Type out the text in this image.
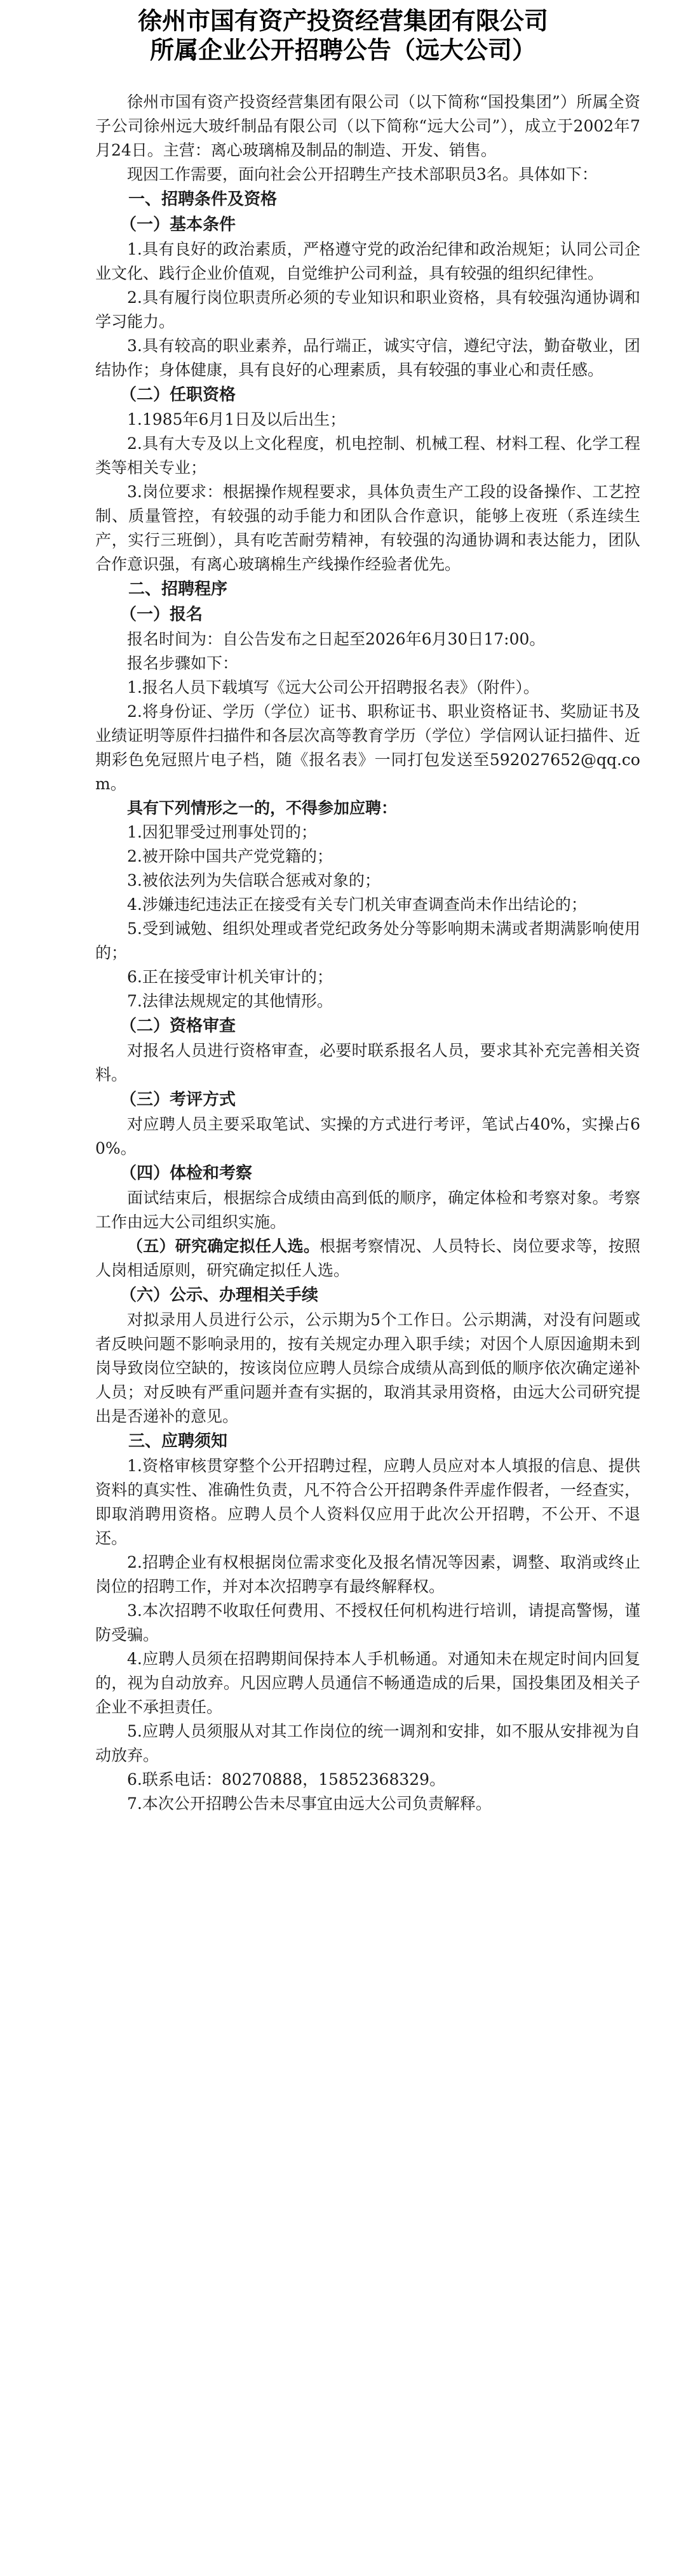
徐州市国有资产投资经营集团有限公司
所属企业公开招聘公告（远大公司）

徐州市国有资产投资经营集团有限公司（以下简称“国投集团”）所属全资子公司徐州远大玻纤制品有限公司（以下简称“远大公司”），成立于2002年7月24日。主营：离心玻璃棉及制品的制造、开发、销售。

现因工作需要，面向社会公开招聘生产技术部职员3名。具体如下：

一、招聘条件及资格

（一）基本条件

1.具有良好的政治素质，严格遵守党的政治纪律和政治规矩；认同公司企业文化、践行企业价值观，自觉维护公司利益，具有较强的组织纪律性。

2.具有履行岗位职责所必须的专业知识和职业资格，具有较强沟通协调和学习能力。

3.具有较高的职业素养，品行端正，诚实守信，遵纪守法，勤奋敬业，团结协作；身体健康，具有良好的心理素质，具有较强的事业心和责任感。

（二）任职资格

1.1985年6月1日及以后出生；

2.具有大专及以上文化程度，机电控制、机械工程、材料工程、化学工程类等相关专业；

3.岗位要求：根据操作规程要求，具体负责生产工段的设备操作、工艺控制、质量管控，有较强的动手能力和团队合作意识，能够上夜班（系连续生产，实行三班倒），具有吃苦耐劳精神，有较强的沟通协调和表达能力，团队合作意识强，有离心玻璃棉生产线操作经验者优先。

二、招聘程序

（一）报名

报名时间为：自公告发布之日起至2026年6月30日17:00。

报名步骤如下：

1.报名人员下载填写《远大公司公开招聘报名表》（附件）。

2.将身份证、学历（学位）证书、职称证书、职业资格证书、奖励证书及业绩证明等原件扫描件和各层次高等教育学历（学位）学信网认证扫描件、近期彩色免冠照片电子档，随《报名表》一同打包发送至592027652@qq.com。

具有下列情形之一的，不得参加应聘：

1.因犯罪受过刑事处罚的；

2.被开除中国共产党党籍的；

3.被依法列为失信联合惩戒对象的；

4.涉嫌违纪违法正在接受有关专门机关审查调查尚未作出结论的；

5.受到诫勉、组织处理或者党纪政务处分等影响期未满或者期满影响使用的；

6.正在接受审计机关审计的；

7.法律法规规定的其他情形。

（二）资格审查

对报名人员进行资格审查，必要时联系报名人员，要求其补充完善相关资料。

（三）考评方式

对应聘人员主要采取笔试、实操的方式进行考评，笔试占40%，实操占60%。

（四）体检和考察

面试结束后，根据综合成绩由高到低的顺序，确定体检和考察对象。考察工作由远大公司组织实施。

（五）研究确定拟任人选。根据考察情况、人员特长、岗位要求等，按照人岗相适原则，研究确定拟任人选。

（六）公示、办理相关手续

对拟录用人员进行公示，公示期为5个工作日。公示期满，对没有问题或者反映问题不影响录用的，按有关规定办理入职手续；对因个人原因逾期未到岗导致岗位空缺的，按该岗位应聘人员综合成绩从高到低的顺序依次确定递补人员；对反映有严重问题并查有实据的，取消其录用资格，由远大公司研究提出是否递补的意见。

三、应聘须知

1.资格审核贯穿整个公开招聘过程，应聘人员应对本人填报的信息、提供资料的真实性、准确性负责，凡不符合公开招聘条件弄虚作假者，一经查实，即取消聘用资格。应聘人员个人资料仅应用于此次公开招聘，不公开、不退还。

2.招聘企业有权根据岗位需求变化及报名情况等因素，调整、取消或终止岗位的招聘工作，并对本次招聘享有最终解释权。

3.本次招聘不收取任何费用、不授权任何机构进行培训，请提高警惕，谨防受骗。

4.应聘人员须在招聘期间保持本人手机畅通。对通知未在规定时间内回复的，视为自动放弃。凡因应聘人员通信不畅通造成的后果，国投集团及相关子企业不承担责任。

5.应聘人员须服从对其工作岗位的统一调剂和安排，如不服从安排视为自动放弃。

6.联系电话：80270888，15852368329。

7.本次公开招聘公告未尽事宜由远大公司负责解释。
